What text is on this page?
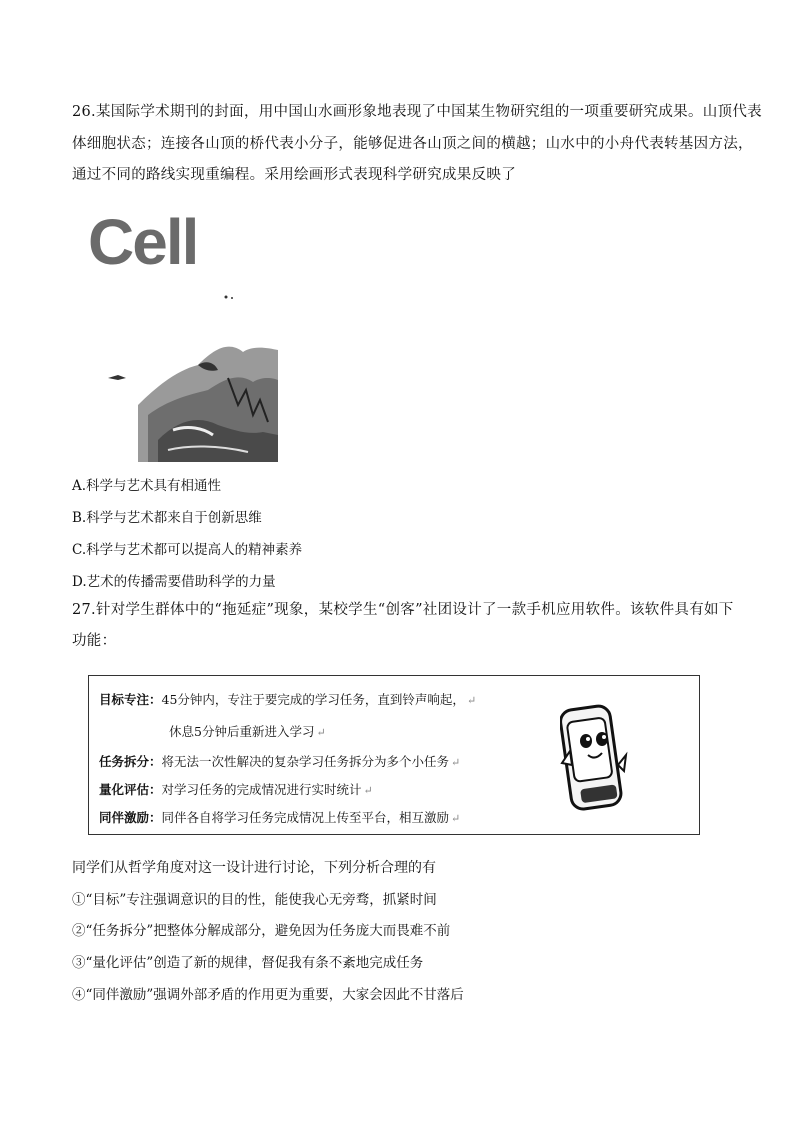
26.某国际学术期刊的封面，用中国山水画形象地表现了中国某生物研究组的一项重要研究成果。山顶代表
体细胞状态；连接各山顶的桥代表小分子，能够促进各山顶之间的横越；山水中的小舟代表转基因方法，
通过不同的路线实现重编程。采用绘画形式表现科学研究成果反映了
Cell
A.科学与艺术具有相通性
B.科学与艺术都来自于创新思维
C.科学与艺术都可以提高人的精神素养
D.艺术的传播需要借助科学的力量
27.针对学生群体中的“拖延症”现象，某校学生“创客”社团设计了一款手机应用软件。该软件具有如下
功能：
目标专注：45分钟内，专注于要完成的学习任务，直到铃声响起， ↵
休息5分钟后重新进入学习 ↵
任务拆分：将无法一次性解决的复杂学习任务拆分为多个小任务 ↵
量化评估：对学习任务的完成情况进行实时统计 ↵
同伴激励：同伴各自将学习任务完成情况上传至平台，相互激励 ↵
同学们从哲学角度对这一设计进行讨论，下列分析合理的有
①“目标”专注强调意识的目的性，能使我心无旁骛，抓紧时间
②“任务拆分”把整体分解成部分，避免因为任务庞大而畏难不前
③“量化评估”创造了新的规律，督促我有条不紊地完成任务
④“同伴激励”强调外部矛盾的作用更为重要，大家会因此不甘落后
